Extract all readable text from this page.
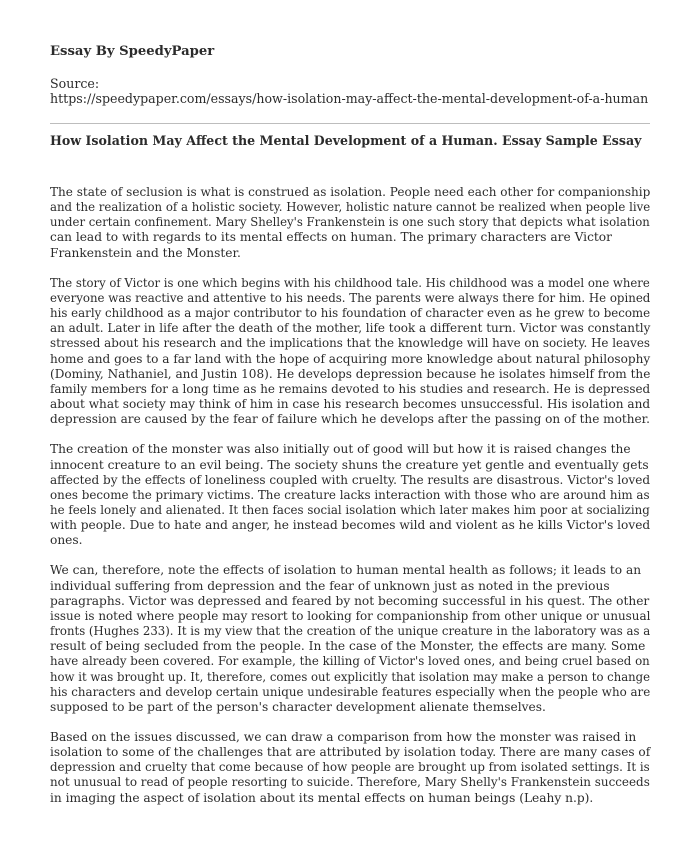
Essay By SpeedyPaper
Source:
https://speedypaper.com/essays/how-isolation-may-affect-the-mental-development-of-a-human
How Isolation May Affect the Mental Development of a Human. Essay Sample Essay

The state of seclusion is what is construed as isolation. People need each other for companionship and the realization of a holistic society. However, holistic nature cannot be realized when people live under certain confinement. Mary Shelley's Frankenstein is one such story that depicts what isolation
can lead to with regards to its mental effects on human. The primary characters are Victor
Frankenstein and the Monster.

The story of Victor is one which begins with his childhood tale. His childhood was a model one where everyone was reactive and attentive to his needs. The parents were always there for him. He opined his early childhood as a major contributor to his foundation of character even as he grew to become an adult. Later in life after the death of the mother, life took a different turn. Victor was constantly stressed about his research and the implications that the knowledge will have on society. He leaves home and goes to a far land with the hope of acquiring more knowledge about natural philosophy (Dominy, Nathaniel, and Justin 108). He develops depression because he isolates himself from the family members for a long time as he remains devoted to his studies and research. He is depressed about what society may think of him in case his research becomes unsuccessful. His isolation and depression are caused by the fear of failure which he develops after the passing on of the mother.

The creation of the monster was also initially out of good will but how it is raised changes the
innocent creature to an evil being. The society shuns the creature yet gentle and eventually gets
affected by the effects of loneliness coupled with cruelty. The results are disastrous. Victor's loved ones become the primary victims. The creature lacks interaction with those who are around him as he feels lonely and alienated. It then faces social isolation which later makes him poor at socializing with people. Due to hate and anger, he instead becomes wild and violent as he kills Victor's loved
ones.

We can, therefore, note the effects of isolation to human mental health as follows; it leads to an
individual suffering from depression and the fear of unknown just as noted in the previous
paragraphs. Victor was depressed and feared by not becoming successful in his quest. The other
issue is noted where people may resort to looking for companionship from other unique or unusual fronts (Hughes 233). It is my view that the creation of the unique creature in the laboratory was as a
result of being secluded from the people. In the case of the Monster, the effects are many. Some
have already been covered. For example, the killing of Victor's loved ones, and being cruel based on how it was brought up. It, therefore, comes out explicitly that isolation may make a person to change his characters and develop certain unique undesirable features especially when the people who are
supposed to be part of the person's character development alienate themselves.

Based on the issues discussed, we can draw a comparison from how the monster was raised in
isolation to some of the challenges that are attributed by isolation today. There are many cases of depression and cruelty that come because of how people are brought up from isolated settings. It is not unusual to read of people resorting to suicide. Therefore, Mary Shelly's Frankenstein succeeds
in imaging the aspect of isolation about its mental effects on human beings (Leahy n.p).
